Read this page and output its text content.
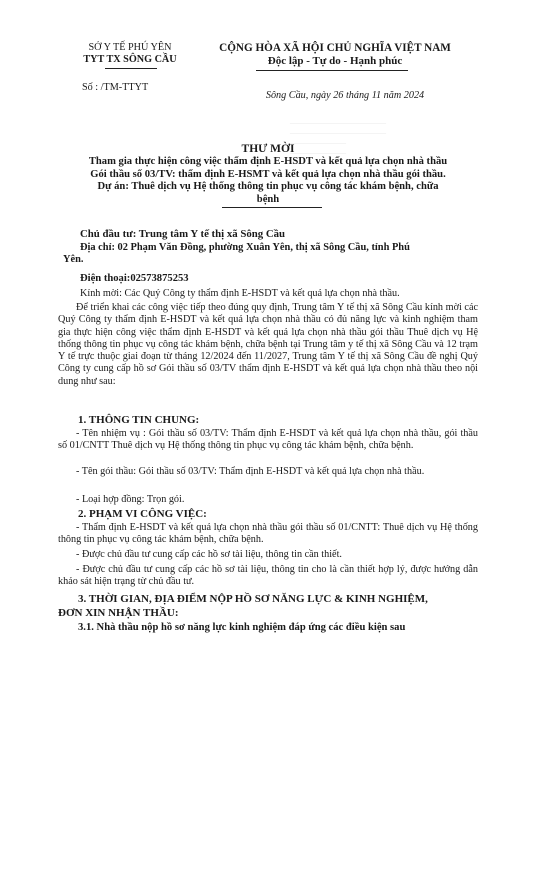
SỞ Y TẾ PHÚ YÊN
TYT TX SÔNG CẦU
Số : /TM-TTYT
CỘNG HÒA XÃ HỘI CHỦ NGHĨA VIỆT NAM
Độc lập - Tự do - Hạnh phúc
Sông Cầu, ngày 26 tháng 11 năm 2024
————————————
————————————
———————
———————
THƯ MỜI
Tham gia thực hiện công việc thẩm định E-HSDT và kết quả lựa chọn nhà thầu
Gói thầu số 03/TV: thẩm định E-HSMT và kết quả lựa chọn nhà thầu gói thầu.
Dự án: Thuê dịch vụ Hệ thống thông tin phục vụ công tác khám bệnh, chữa
bệnh
Chủ đầu tư: Trung tâm Y tế thị xã Sông Cầu
Địa chỉ: 02 Phạm Văn Đồng, phường Xuân Yên, thị xã Sông Cầu, tỉnh Phú
Yên.
Điện thoại:02573875253
Kính mời: Các Quý Công ty thẩm định E-HSDT và kết quả lựa chọn nhà thầu.
Để triển khai các công việc tiếp theo đúng quy định, Trung tâm Y tế thị xã Sông Cầu kính mời các Quý Công ty thẩm định E-HSDT và kết quả lựa chọn nhà thầu có đủ năng lực và kinh nghiệm tham gia thực hiện công việc thẩm định E-HSDT và kết quả lựa chọn nhà thầu gói thầu Thuê dịch vụ Hệ thống thông tin phục vụ công tác khám bệnh, chữa bệnh tại Trung tâm y tế thị xã Sông Cầu và 12 trạm Y tế trực thuộc giai đoạn từ tháng 12/2024 đến 11/2027, Trung tâm Y tế thị xã Sông Cầu đề nghị Quý Công ty cung cấp hồ sơ Gói thầu số 03/TV thẩm định E-HSDT và kết quả lựa chọn nhà thầu theo nội dung như sau:
1. THÔNG TIN CHUNG:
- Tên nhiệm vụ : Gói thầu số 03/TV: Thẩm định E-HSDT và kết quả lựa chọn nhà thầu, gói thầu số 01/CNTT Thuê dịch vụ Hệ thống thông tin phục vụ công tác khám bệnh, chữa bệnh.
- Tên gói thầu: Gói thầu số 03/TV: Thẩm định E-HSDT và kết quả lựa chọn nhà thầu.
- Loại hợp đồng: Trọn gói.
2. PHẠM VI CÔNG VIỆC:
- Thẩm định E-HSDT và kết quả lựa chọn nhà thầu gói thầu số 01/CNTT: Thuê dịch vụ Hệ thống thông tin phục vụ công tác khám bệnh, chữa bệnh.
- Được chủ đầu tư cung cấp các hồ sơ tài liệu, thông tin cần thiết.
- Được chủ đầu tư cung cấp các hồ sơ tài liệu, thông tin cho là cần thiết hợp lý, được hướng dẫn khảo sát hiện trạng từ chủ đầu tư.
3. THỜI GIAN, ĐỊA ĐIỂM NỘP HỒ SƠ NĂNG LỰC & KINH NGHIỆM,
ĐƠN XIN NHẬN THẦU:
3.1. Nhà thầu nộp hồ sơ năng lực kinh nghiệm đáp ứng các điều kiện sau
